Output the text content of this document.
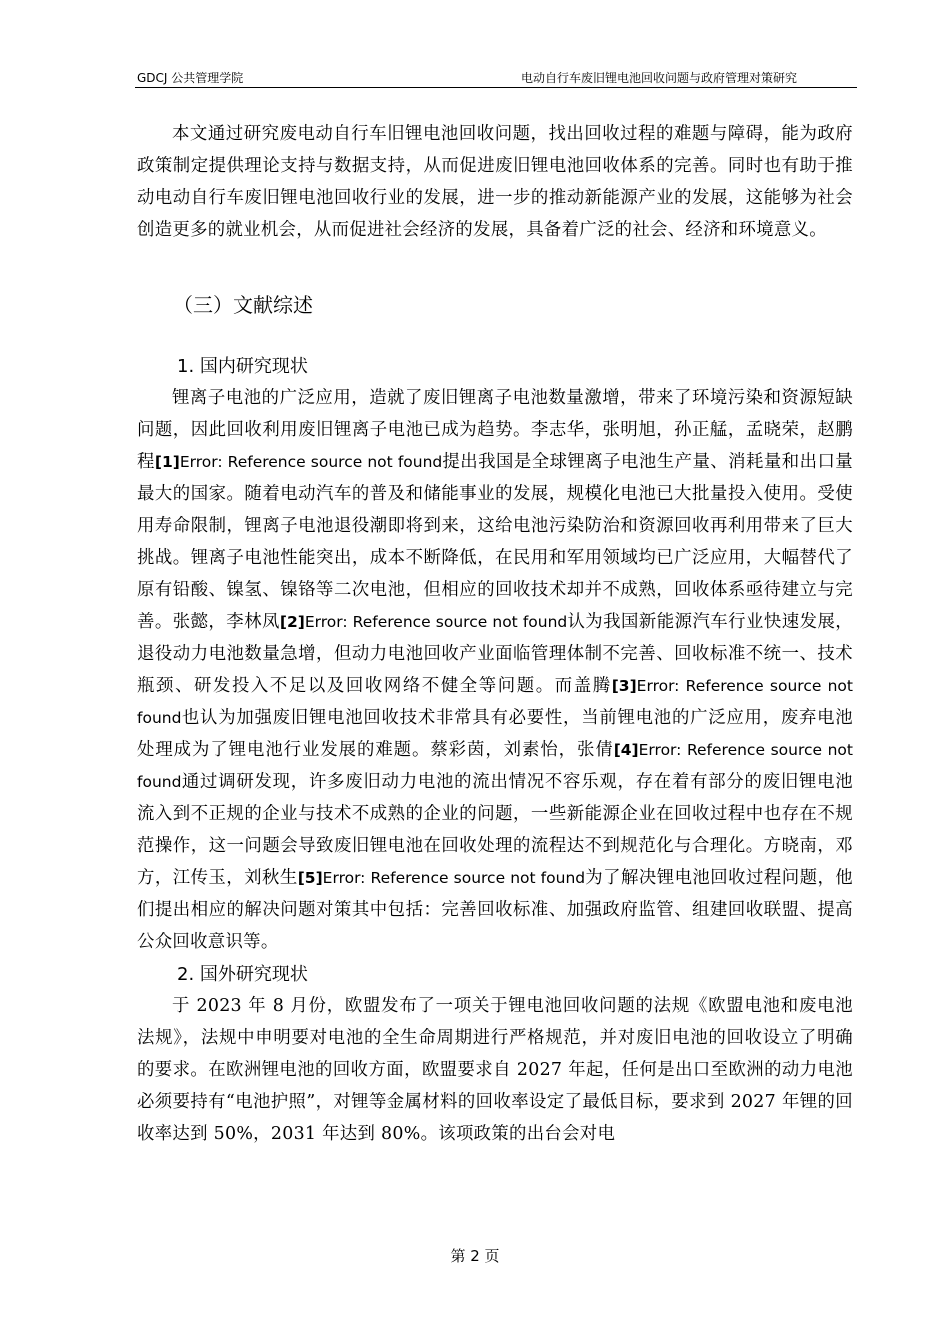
GDCJ 公共管理学院	电动自行车废旧锂电池回收问题与政府管理对策研究

本文通过研究废电动自行车旧锂电池回收问题，找出回收过程的难题与障碍，能为政府政策制定提供理论支持与数据支持，从而促进废旧锂电池回收体系的完善。同时也有助于推动电动自行车废旧锂电池回收行业的发展，进一步的推动新能源产业的发展，这能够为社会创造更多的就业机会，从而促进社会经济的发展，具备着广泛的社会、经济和环境意义。

（三）文献综述
1. 国内研究现状

锂离子电池的广泛应用，造就了废旧锂离子电池数量激增，带来了环境污染和资源短缺问题，因此回收利用废旧锂离子电池已成为趋势。李志华，张明旭，孙正艋，孟晓荣，赵鹏程[1]Error: Reference source not found提出我国是全球锂离子电池生产量、消耗量和出口量最大的国家。随着电动汽车的普及和储能事业的发展，规模化电池已大批量投入使用。受使用寿命限制，锂离子电池退役潮即将到来，这给电池污染防治和资源回收再利用带来了巨大挑战。锂离子电池性能突出，成本不断降低，在民用和军用领域均已广泛应用，大幅替代了原有铅酸、镍氢、镍铬等二次电池，但相应的回收技术却并不成熟，回收体系亟待建立与完善。张懿，李林凤[2]Error: Reference source not found认为我国新能源汽车行业快速发展，退役动力电池数量急增，但动力电池回收产业面临管理体制不完善、回收标准不统一、技术瓶颈、研发投入不足以及回收网络不健全等问题。而盖腾[3]Error: Reference source not found也认为加强废旧锂电池回收技术非常具有必要性，当前锂电池的广泛应用，废弃电池处理成为了锂电池行业发展的难题。蔡彩茵，刘素怡，张倩[4]Error: Reference source not found通过调研发现，许多废旧动力电池的流出情况不容乐观，存在着有部分的废旧锂电池流入到不正规的企业与技术不成熟的企业的问题，一些新能源企业在回收过程中也存在不规范操作，这一问题会导致废旧锂电池在回收处理的流程达不到规范化与合理化。方晓南，邓方，江传玉，刘秋生[5]Error: Reference source not found为了解决锂电池回收过程问题，他们提出相应的解决问题对策其中包括：完善回收标准、加强政府监管、组建回收联盟、提高公众回收意识等。

2. 国外研究现状

于 2023 年 8 月份，欧盟发布了一项关于锂电池回收问题的法规《欧盟电池和废电池法规》，法规中申明要对电池的全生命周期进行严格规范，并对废旧电池的回收设立了明确的要求。在欧洲锂电池的回收方面，欧盟要求自 2027 年起，任何是出口至欧洲的动力电池必须要持有“电池护照”，对锂等金属材料的回收率设定了最低目标，要求到 2027 年锂的回收率达到 50%，2031 年达到 80%。该项政策的出台会对电

第 2 页
